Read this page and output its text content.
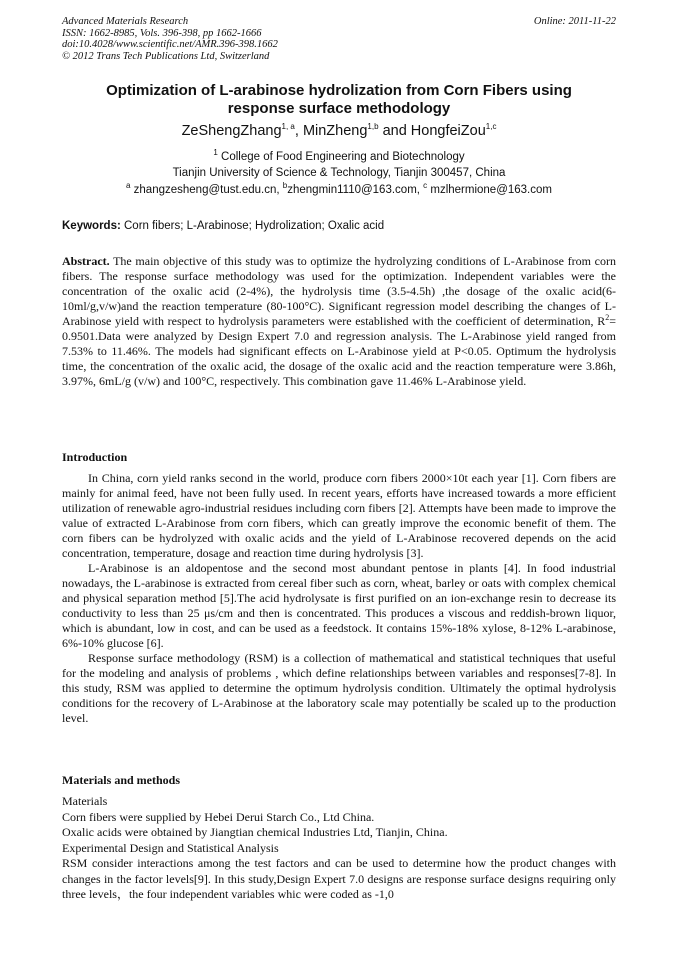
Advanced Materials Research
ISSN: 1662-8985, Vols. 396-398, pp 1662-1666
doi:10.4028/www.scientific.net/AMR.396-398.1662
© 2012 Trans Tech Publications Ltd, Switzerland
Online: 2011-11-22
Optimization of L-arabinose hydrolization from Corn Fibers using
response surface methodology
ZeShengZhang$^{1, a}$, MinZheng$^{1,b}$ and HongfeiZou$^{1,c}$
$^1$ College of Food Engineering and Biotechnology
Tianjin University of Science & Technology, Tianjin 300457, China
$^a$ zhangzesheng@tust.edu.cn, $^b$zhengmin1110@163.com, $^c$ mzlhermione@163.com
Keywords: Corn fibers; L-Arabinose; Hydrolization; Oxalic acid

Abstract. The main objective of this study was to optimize the hydrolyzing conditions of L-Arabinose from corn fibers. The response surface methodology was used for the optimization. Independent variables were the concentration of the oxalic acid (2-4%), the hydrolysis time (3.5-4.5h) ,the dosage of the oxalic acid(6-10ml/g,v/w)and the reaction temperature (80-100°C). Significant regression model describing the changes of L-Arabinose yield with respect to hydrolysis parameters were established with the coefficient of determination, $R^2=$ 0.9501.Data were analyzed by Design Expert 7.0 and regression analysis. The L-Arabinose yield ranged from 7.53% to 11.46%. The models had significant effects on L-Arabinose yield at P<0.05. Optimum the hydrolysis time, the concentration of the oxalic acid, the dosage of the oxalic acid and the reaction temperature were 3.86h, 3.97%, 6mL/g (v/w) and 100°C, respectively. This combination gave 11.46% L-Arabinose yield.

Introduction

In China, corn yield ranks second in the world, produce corn fibers 2000×10t each year [1]. Corn fibers are mainly for animal feed, have not been fully used. In recent years, efforts have increased towards a more efficient utilization of renewable agro-industrial residues including corn fibers [2]. Attempts have been made to improve the value of extracted L-Arabinose from corn fibers, which can greatly improve the economic benefit of them. The corn fibers can be hydrolyzed with oxalic acids and the yield of L-Arabinose recovered depends on the acid concentration, temperature, dosage and reaction time during hydrolysis [3].

L-Arabinose is an aldopentose and the second most abundant pentose in plants [4]. In food industrial nowadays, the L-arabinose is extracted from cereal fiber such as corn, wheat, barley or oats with complex chemical and physical separation method [5].The acid hydrolysate is first purified on an ion-exchange resin to decrease its conductivity to less than 25 μs/cm and then is concentrated. This produces a viscous and reddish-brown liquor, which is abundant, low in cost, and can be used as a feedstock. It contains 15%-18% xylose, 8-12% L-arabinose, 6%-10% glucose [6].

Response surface methodology (RSM) is a collection of mathematical and statistical techniques that useful for the modeling and analysis of problems , which define relationships between variables and responses[7-8]. In this study, RSM was applied to determine the optimum hydrolysis condition. Ultimately the optimal hydrolysis conditions for the recovery of L-Arabinose at the laboratory scale may potentially be scaled up to the production level.

Materials and methods

Materials

Corn fibers were supplied by Hebei Derui Starch Co., Ltd China.

Oxalic acids were obtained by Jiangtian chemical Industries Ltd, Tianjin, China.

Experimental Design and Statistical Analysis

RSM consider interactions among the test factors and can be used to determine how the product changes with changes in the factor levels[9]. In this study,Design Expert 7.0 designs are response surface designs requiring only three levels，the four independent variables whic were coded as -1,0
